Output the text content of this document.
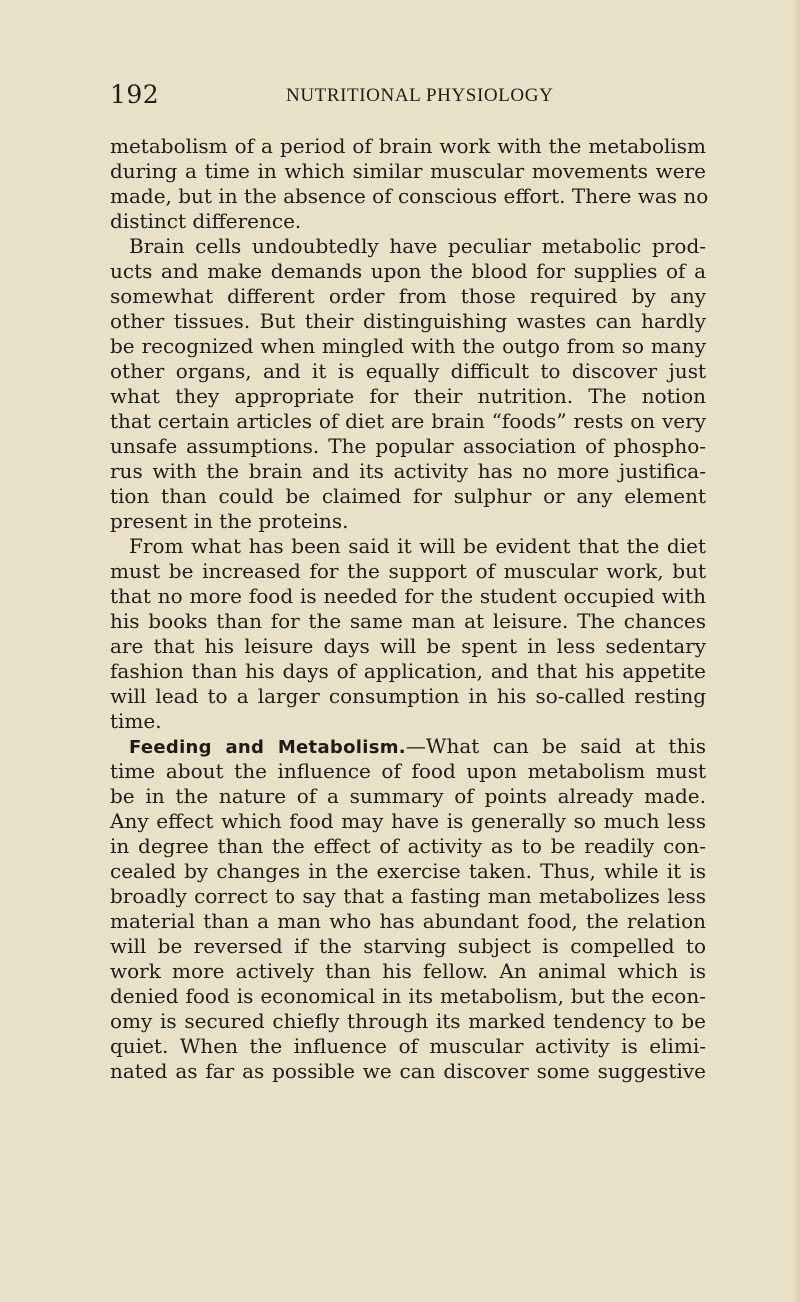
192	NUTRITIONAL PHYSIOLOGY
metabolism of a period of brain work with the metabolism
during a time in which similar muscular movements were
made, but in the absence of conscious effort. There was no
distinct difference.
Brain cells undoubtedly have peculiar metabolic prod-
ucts and make demands upon the blood for supplies of a
somewhat different order from those required by any
other tissues. But their distinguishing wastes can hardly
be recognized when mingled with the outgo from so many
other organs, and it is equally difficult to discover just
what they appropriate for their nutrition. The notion
that certain articles of diet are brain “foods” rests on very
unsafe assumptions. The popular association of phospho-
rus with the brain and its activity has no more justifica-
tion than could be claimed for sulphur or any element
present in the proteins.
From what has been said it will be evident that the diet
must be increased for the support of muscular work, but
that no more food is needed for the student occupied with
his books than for the same man at leisure. The chances
are that his leisure days will be spent in less sedentary
fashion than his days of application, and that his appetite
will lead to a larger consumption in his so-called resting
time.
Feeding and Metabolism.—What can be said at this
time about the influence of food upon metabolism must
be in the nature of a summary of points already made.
Any effect which food may have is generally so much less
in degree than the effect of activity as to be readily con-
cealed by changes in the exercise taken. Thus, while it is
broadly correct to say that a fasting man metabolizes less
material than a man who has abundant food, the relation
will be reversed if the starving subject is compelled to
work more actively than his fellow. An animal which is
denied food is economical in its metabolism, but the econ-
omy is secured chiefly through its marked tendency to be
quiet. When the influence of muscular activity is elimi-
nated as far as possible we can discover some suggestive
